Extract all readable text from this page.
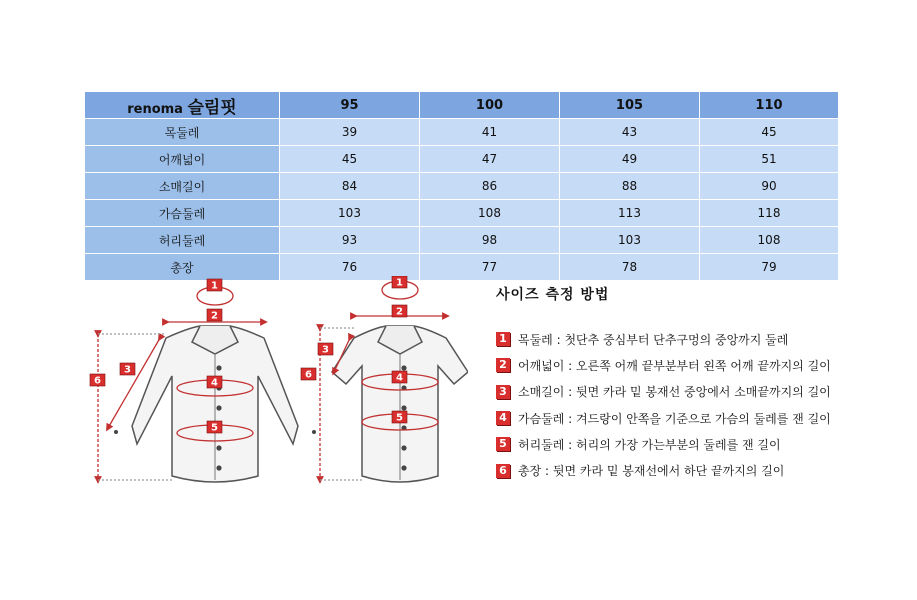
renoma 슬림핏	95	100	105	110
목둘레	39	41	43	45
어깨넓이	45	47	49	51
소매길이	84	86	88	90
가슴둘레	103	108	113	118
허리둘레	93	98	103	108
총장	76	77	78	79
1
2
3
4
5
6
1
2
3
4
5
6
사이즈 측정 방법
1 목둘레 : 첫단추 중심부터 단추구멍의 중앙까지 둘레
2 어깨넓이 : 오른쪽 어깨 끝부분부터 왼쪽 어깨 끝까지의 길이
3 소매길이 : 뒷면 카라 밑 봉재선 중앙에서 소매끝까지의 길이
4 가슴둘레 : 겨드랑이 안쪽을 기준으로 가슴의 둘레를 잰 길이
5 허리둘레 : 허리의 가장 가는부분의 둘레를 잰 길이
6 총장 : 뒷면 카라 밑 봉재선에서 하단 끝까지의 길이
